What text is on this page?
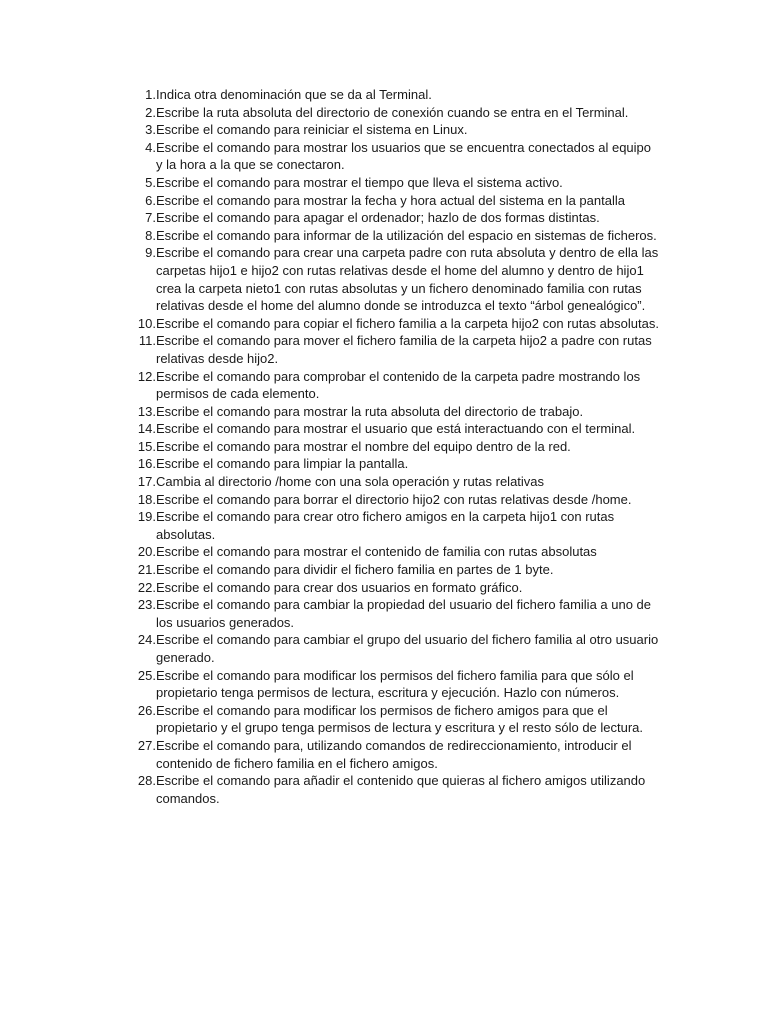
1. Indica otra denominación que se da al Terminal.
2. Escribe la ruta absoluta del directorio de conexión cuando se entra en el Terminal.
3. Escribe el comando para reiniciar el sistema en Linux.
4. Escribe el comando para mostrar los usuarios que se encuentra conectados al equipo y la hora a la que se conectaron.
5. Escribe el comando para mostrar el tiempo que lleva el sistema activo.
6. Escribe el comando para mostrar la fecha y hora actual del sistema en la pantalla
7. Escribe el comando para apagar el ordenador; hazlo de dos formas distintas.
8. Escribe el comando para informar de la utilización del espacio en sistemas de ficheros.
9. Escribe el comando para crear una carpeta padre con ruta absoluta y dentro de ella las carpetas hijo1 e hijo2 con rutas relativas desde el home del alumno y dentro de hijo1 crea la carpeta nieto1 con rutas absolutas y un fichero denominado familia con rutas relativas desde el home del alumno donde se introduzca el texto “árbol genealógico”.
10. Escribe el comando para copiar el fichero familia a la carpeta hijo2 con rutas absolutas.
11. Escribe el comando para mover el fichero familia de la carpeta hijo2 a padre con rutas relativas desde hijo2.
12. Escribe el comando para comprobar el contenido de la carpeta padre mostrando los permisos de cada elemento.
13. Escribe el comando para mostrar la ruta absoluta del directorio de trabajo.
14. Escribe el comando para mostrar el usuario que está interactuando con el terminal.
15. Escribe el comando para mostrar el nombre del equipo dentro de la red.
16. Escribe el comando para limpiar la pantalla.
17. Cambia al directorio /home con una sola operación y rutas relativas
18. Escribe el comando para borrar el directorio hijo2 con rutas relativas desde /home.
19. Escribe el comando para crear otro fichero amigos en la carpeta hijo1 con rutas absolutas.
20. Escribe el comando para mostrar el contenido de familia con rutas absolutas
21. Escribe el comando para dividir el fichero familia en partes de 1 byte.
22. Escribe el comando para crear dos usuarios en formato gráfico.
23. Escribe el comando para cambiar la propiedad del usuario del fichero familia a uno de los usuarios generados.
24. Escribe el comando para cambiar el grupo del usuario del fichero familia al otro usuario generado.
25. Escribe el comando para modificar los permisos del fichero familia para que sólo el propietario tenga permisos de lectura, escritura y ejecución. Hazlo con números.
26. Escribe el comando para modificar los permisos de fichero amigos para que el propietario y el grupo tenga permisos de lectura y escritura y el resto sólo de lectura.
27. Escribe el comando para, utilizando comandos de redireccionamiento, introducir el contenido de fichero familia en el fichero amigos.
28. Escribe el comando para añadir el contenido que quieras al fichero amigos utilizando comandos.
